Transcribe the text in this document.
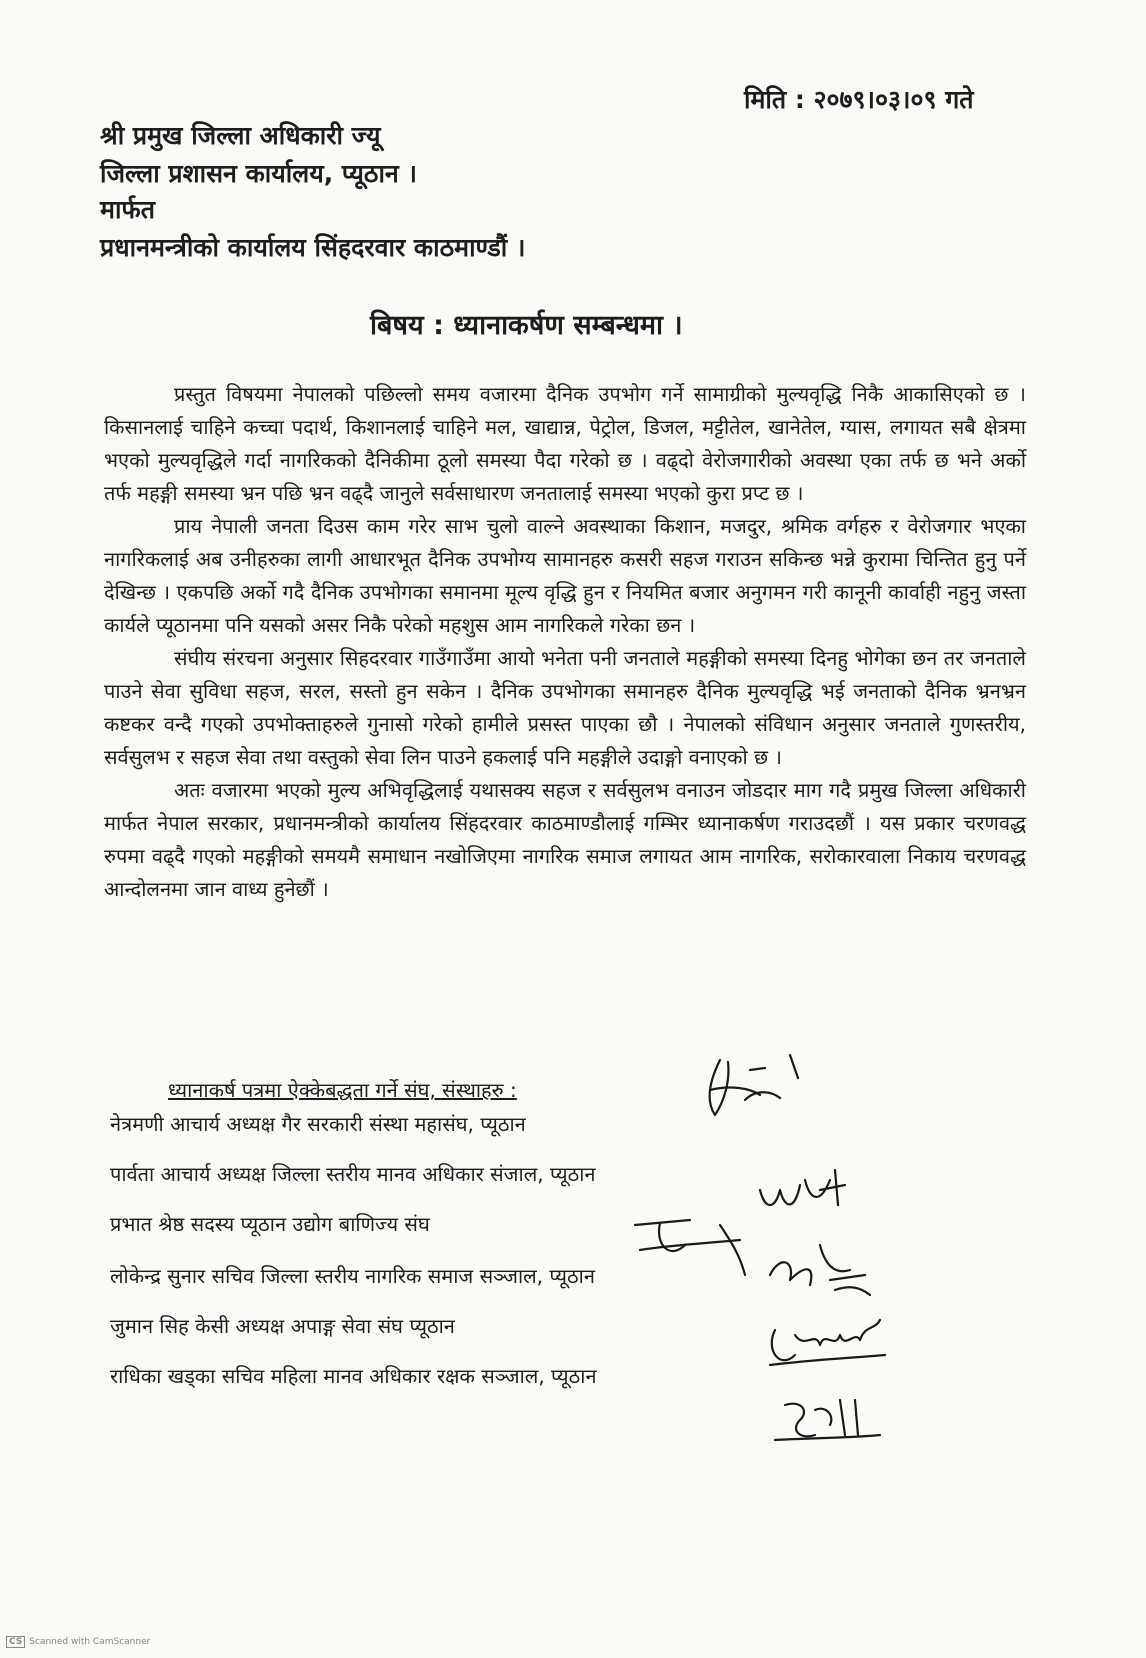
मिति : २०७९।०३।०९ गते
श्री प्रमुख जिल्ला अधिकारी ज्यू
जिल्ला प्रशासन कार्यालय, प्यूठान ।
मार्फत
प्रधानमन्त्रीको कार्यालय सिंहदरवार काठमाण्डौं ।
बिषय : ध्यानाकर्षण सम्बन्धमा ।

प्रस्तुत विषयमा नेपालको पछिल्लो समय वजारमा दैनिक उपभोग गर्ने सामाग्रीको मुल्यवृद्धि निकै आकासिएको छ । किसानलाई चाहिने कच्चा पदार्थ, किशानलाई चाहिने मल, खाद्यान्न, पेट्रोल, डिजल, मट्टीतेल, खानेतेल, ग्यास, लगायत सबै क्षेत्रमा भएको मुल्यवृद्धिले गर्दा नागरिकको दैनिकीमा ठूलो समस्या पैदा गरेको छ । वढ्दो वेरोजगारीको अवस्था एका तर्फ छ भने अर्को तर्फ महङ्गी समस्या भ्रन पछि भ्रन वढ्दै जानुले सर्वसाधारण जनतालाई समस्या भएको कुरा प्रप्ट छ ।

प्राय नेपाली जनता दिउस काम गरेर साभ चुलो वाल्ने अवस्थाका किशान, मजदुर, श्रमिक वर्गहरु र वेरोजगार भएका नागरिकलाई अब उनीहरुका लागी आधारभूत दैनिक उपभोग्य सामानहरु कसरी सहज गराउन सकिन्छ भन्ने कुरामा चिन्तित हुनु पर्ने देखिन्छ । एकपछि अर्को गदै दैनिक उपभोगका समानमा मूल्य वृद्धि हुन र नियमित बजार अनुगमन गरी कानूनी कार्वाही नहुनु जस्ता कार्यले प्यूठानमा पनि यसको असर निकै परेको महशुस आम नागरिकले गरेका छन ।

संघीय संरचना अनुसार सिहदरवार गाउँगाउँमा आयो भनेता पनी जनताले महङ्गीको समस्या दिनहु भोगेका छन तर जनताले पाउने सेवा सुविधा सहज, सरल, सस्तो हुन सकेन । दैनिक उपभोगका समानहरु दैनिक मुल्यवृद्धि भई जनताको दैनिक भ्रनभ्रन कष्टकर वन्दै गएको उपभोक्ताहरुले गुनासो गरेको हामीले प्रसस्त पाएका छौ । नेपालको संविधान अनुसार जनताले गुणस्तरीय, सर्वसुलभ र सहज सेवा तथा वस्तुको सेवा लिन पाउने हकलाई पनि महङ्गीले उदाङ्गो वनाएको छ ।

अतः वजारमा भएको मुल्य अभिवृद्धिलाई यथासक्य सहज र सर्वसुलभ वनाउन जोडदार माग गदै प्रमुख जिल्ला अधिकारी मार्फत नेपाल सरकार, प्रधानमन्त्रीको कार्यालय सिंहदरवार काठमाण्डौलाई गम्भिर ध्यानाकर्षण गराउदछौं । यस प्रकार चरणवद्ध रुपमा वढ्दै गएको महङ्गीको समयमै समाधान नखोजिएमा नागरिक समाज लगायत आम नागरिक, सरोकारवाला निकाय चरणवद्ध आन्दोलनमा जान वाध्य हुनेछौं ।

ध्यानाकर्ष पत्रमा ऐक्केबद्धता गर्ने संघ, संस्थाहरु :
नेत्रमणी आचार्य अध्यक्ष गैर सरकारी संस्था महासंघ, प्यूठान
पार्वता आचार्य अध्यक्ष जिल्ला स्तरीय मानव अधिकार संजाल, प्यूठान
प्रभात श्रेष्ठ सदस्य प्यूठान उद्योग बाणिज्य संघ
लोकेन्द्र सुनार सचिव जिल्ला स्तरीय नागरिक समाज सञ्जाल, प्यूठान
जुमान सिह केसी अध्यक्ष अपाङ्ग सेवा संघ प्यूठान
राधिका खड्का सचिव महिला मानव अधिकार रक्षक सञ्जाल, प्यूठान
CS Scanned with CamScanner
